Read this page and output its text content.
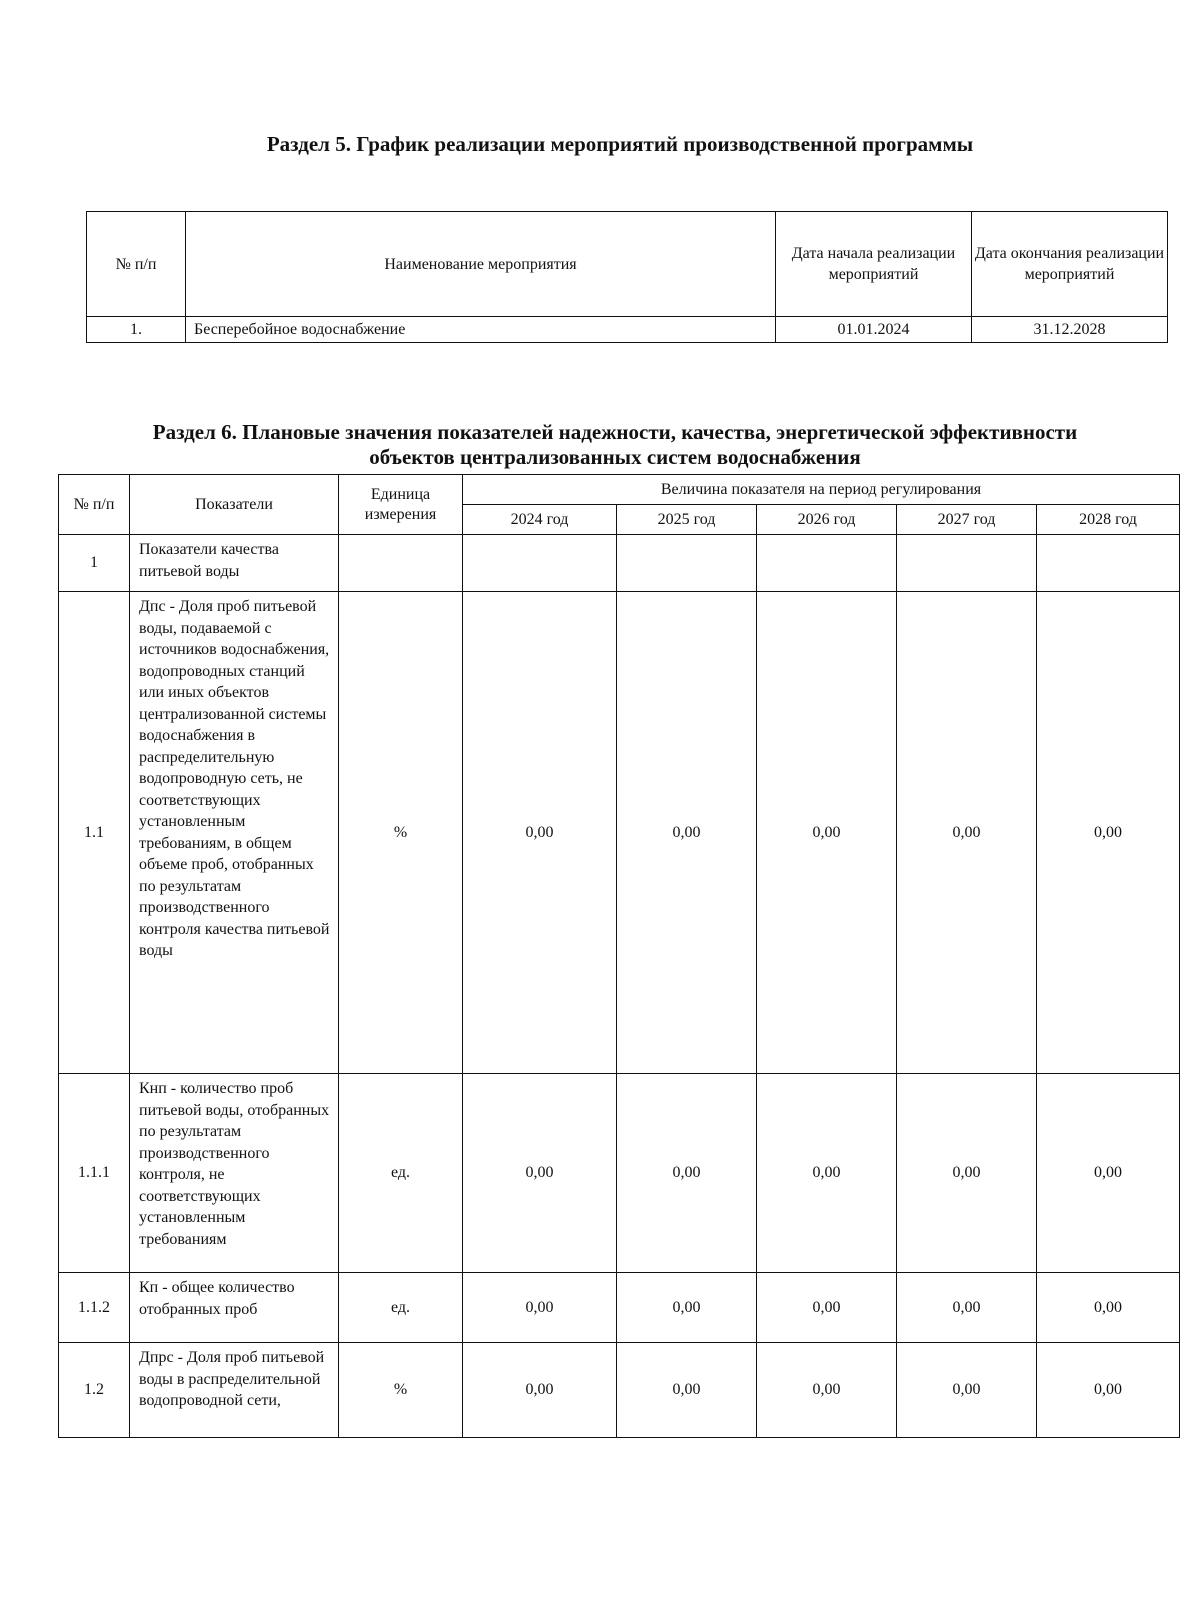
Раздел 5. График реализации мероприятий производственной программы
№ п/п	Наименование мероприятия	Дата начала реализации мероприятий	Дата окончания реализации мероприятий
1.	Бесперебойное водоснабжение	01.01.2024	31.12.2028
Раздел 6. Плановые значения показателей надежности, качества, энергетической эффективности
объектов централизованных систем водоснабжения
№ п/п	Показатели	Единица измерения	Величина показателя на период регулирования				
			2024 год	2025 год	2026 год	2027 год	2028 год
1	Показатели качества питьевой воды						
1.1	Дпс - Доля проб питьевой воды, подаваемой с источников водоснабжения, водопроводных станций или иных объектов централизованной системы водоснабжения в распределительную водопроводную сеть, не соответствующих установленным требованиям, в общем объеме проб, отобранных по результатам производственного контроля качества питьевой воды	%	0,00	0,00	0,00	0,00	0,00
1.1.1	Кнп - количество проб питьевой воды, отобранных по результатам производственного контроля, не соответствующих установленным требованиям	ед.	0,00	0,00	0,00	0,00	0,00
1.1.2	Кп - общее количество отобранных проб	ед.	0,00	0,00	0,00	0,00	0,00
1.2	Дпрс - Доля проб питьевой воды в распределительной водопроводной сети,	%	0,00	0,00	0,00	0,00	0,00
